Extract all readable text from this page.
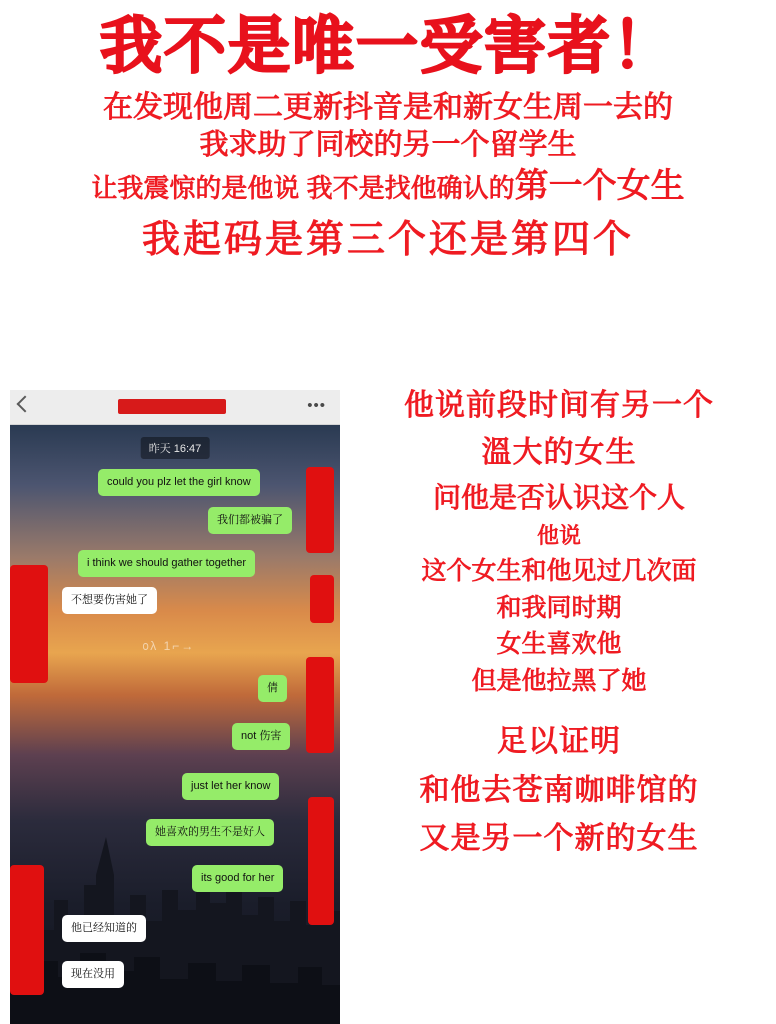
我不是唯一受害者！
在发现他周二更新抖音是和新女生周一去的
我求助了同校的另一个留学生
让我震惊的是他说 我不是找他确认的第一个女生
我起码是第三个还是第四个
•••
昨天 16:47
൦λ 1⌐→
could you plz let the girl know
我们都被骗了
i think we should gather together
不想要伤害她了
倩
not 伤害
just let her know
她喜欢的男生不是好人
its good for her
他已经知道的
现在没用
他说前段时间有另一个
溫大的女生
问他是否认识这个人
他说
这个女生和他见过几次面
和我同时期
女生喜欢他
但是他拉黑了她
足以证明
和他去苍南咖啡馆的
又是另一个新的女生
